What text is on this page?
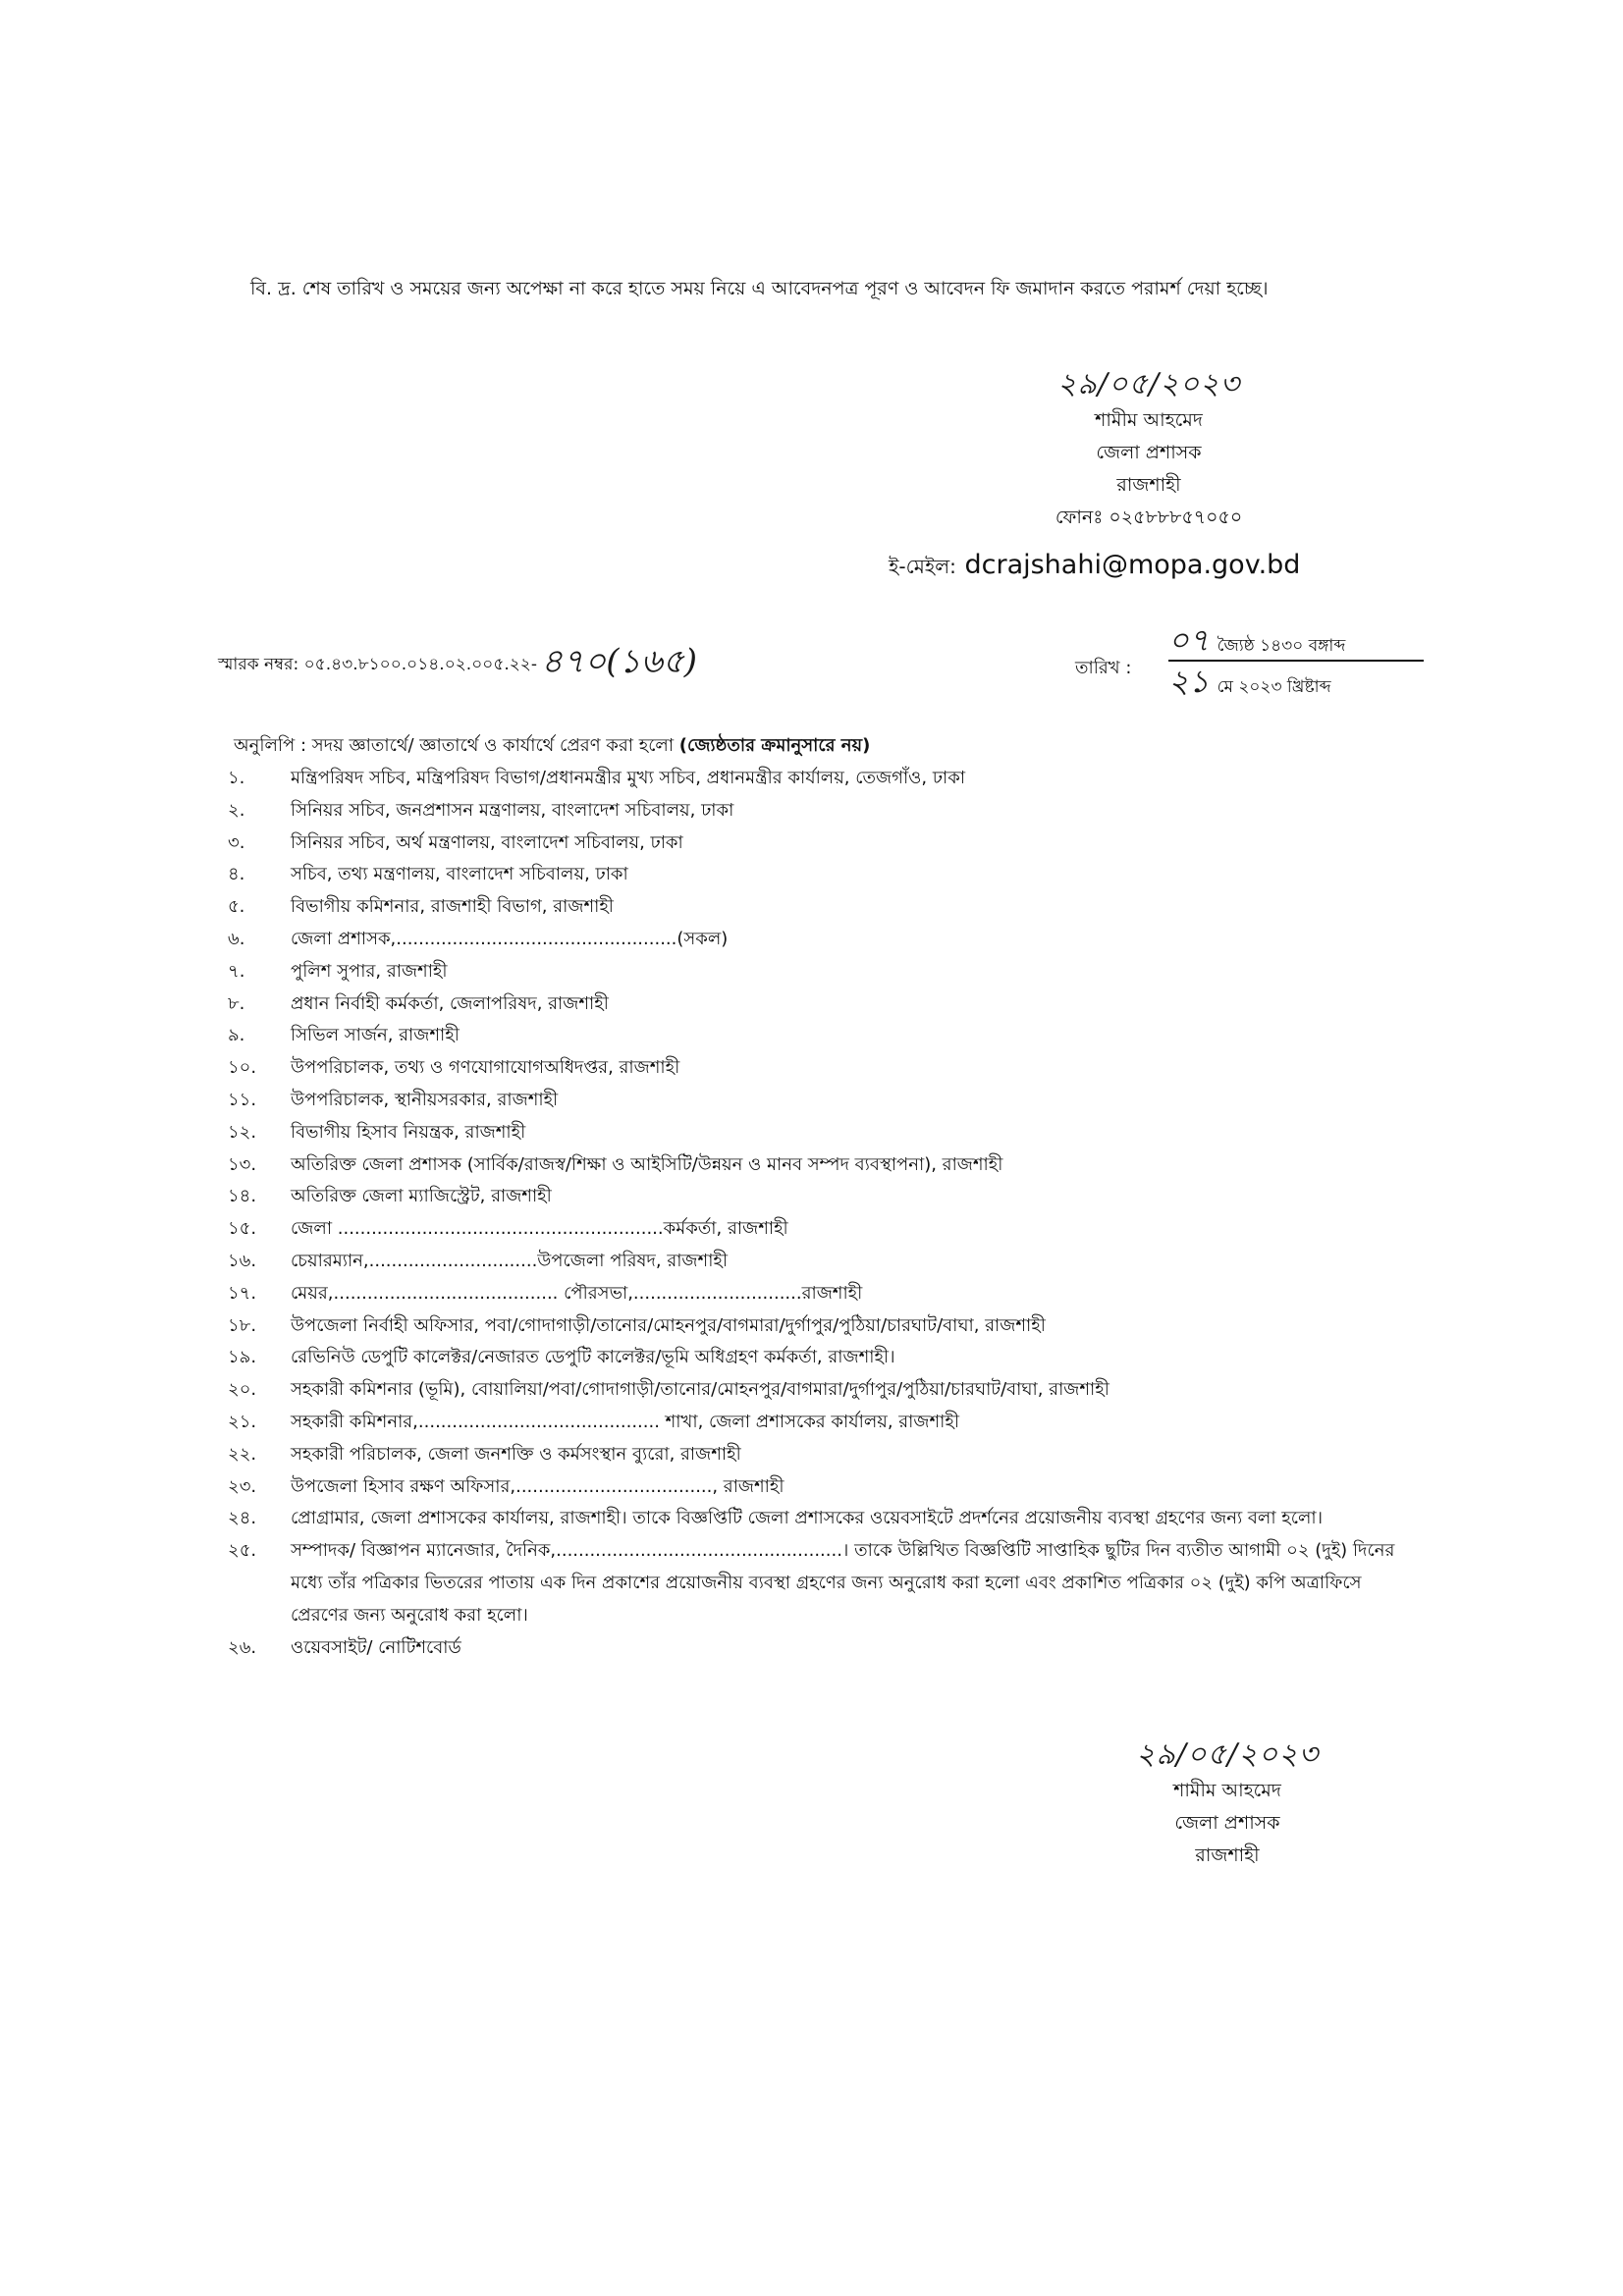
বি. দ্র. শেষ তারিখ ও সময়ের জন্য অপেক্ষা না করে হাতে সময় নিয়ে এ আবেদনপত্র পূরণ ও আবেদন ফি জমাদান করতে পরামর্শ দেয়া হচ্ছে।
২৯/০৫/২০২৩
শামীম আহমেদ
জেলা প্রশাসক
রাজশাহী
ফোনঃ ০২৫৮৮৮৫৭০৫০
ই-মেইল: dcrajshahi@mopa.gov.bd
স্মারক নম্বর: ০৫.৪৩.৮১০০.০১৪.০২.০০৫.২২- ৪৭০(১৬৫)	তারিখ :
০৭ জ্যৈষ্ঠ ১৪৩০ বঙ্গাব্দ
২১ মে ২০২৩ খ্রিষ্টাব্দ
অনুলিপি : সদয় জ্ঞাতার্থে/ জ্ঞাতার্থে ও কার্যার্থে প্রেরণ করা হলো (জ্যেষ্ঠতার ক্রমানুসারে নয়)
১.	মন্ত্রিপরিষদ সচিব, মন্ত্রিপরিষদ বিভাগ/প্রধানমন্ত্রীর মুখ্য সচিব, প্রধানমন্ত্রীর কার্যালয়, তেজগাঁও, ঢাকা
২.	সিনিয়র সচিব, জনপ্রশাসন মন্ত্রণালয়, বাংলাদেশ সচিবালয়, ঢাকা
৩.	সিনিয়র সচিব, অর্থ মন্ত্রণালয়, বাংলাদেশ সচিবালয়, ঢাকা
৪.	সচিব, তথ্য মন্ত্রণালয়, বাংলাদেশ সচিবালয়, ঢাকা
৫.	বিভাগীয় কমিশনার, রাজশাহী বিভাগ, রাজশাহী
৬.	জেলা প্রশাসক,..................................................(সকল)
৭.	পুলিশ সুপার, রাজশাহী
৮.	প্রধান নির্বাহী কর্মকর্তা, জেলাপরিষদ, রাজশাহী
৯.	সিভিল সার্জন, রাজশাহী
১০.	উপপরিচালক, তথ্য ও গণযোগাযোগঅধিদপ্তর, রাজশাহী
১১.	উপপরিচালক, স্থানীয়সরকার, রাজশাহী
১২.	বিভাগীয় হিসাব নিয়ন্ত্রক, রাজশাহী
১৩.	অতিরিক্ত জেলা প্রশাসক (সার্বিক/রাজস্ব/শিক্ষা ও আইসিটি/উন্নয়ন ও মানব সম্পদ ব্যবস্থাপনা), রাজশাহী
১৪.	অতিরিক্ত জেলা ম্যাজিস্ট্রেট, রাজশাহী
১৫.	জেলা ..........................................................কর্মকর্তা, রাজশাহী
১৬.	চেয়ারম্যান,..............................উপজেলা পরিষদ, রাজশাহী
১৭.	মেয়র,........................................ পৌরসভা,..............................রাজশাহী
১৮.	উপজেলা নির্বাহী অফিসার, পবা/গোদাগাড়ী/তানোর/মোহনপুর/বাগমারা/দুর্গাপুর/পুঠিয়া/চারঘাট/বাঘা, রাজশাহী
১৯.	রেভিনিউ ডেপুটি কালেক্টর/নেজারত ডেপুটি কালেক্টর/ভূমি অধিগ্রহণ কর্মকর্তা, রাজশাহী।
২০.	সহকারী কমিশনার (ভূমি), বোয়ালিয়া/পবা/গোদাগাড়ী/তানোর/মোহনপুর/বাগমারা/দুর্গাপুর/পুঠিয়া/চারঘাট/বাঘা, রাজশাহী
২১.	সহকারী কমিশনার,........................................... শাখা, জেলা প্রশাসকের কার্যালয়, রাজশাহী
২২.	সহকারী পরিচালক, জেলা জনশক্তি ও কর্মসংস্থান ব্যুরো, রাজশাহী
২৩.	উপজেলা হিসাব রক্ষণ অফিসার,..................................., রাজশাহী
২৪.	প্রোগ্রামার, জেলা প্রশাসকের কার্যালয়, রাজশাহী। তাকে বিজ্ঞপ্তিটি জেলা প্রশাসকের ওয়েবসাইটে প্রদর্শনের প্রয়োজনীয় ব্যবস্থা গ্রহণের জন্য বলা হলো।
২৫.	সম্পাদক/ বিজ্ঞাপন ম্যানেজার, দৈনিক,...................................................। তাকে উল্লিখিত বিজ্ঞপ্তিটি সাপ্তাহিক ছুটির দিন ব্যতীত আগামী ০২ (দুই) দিনের মধ্যে তাঁর পত্রিকার ভিতরের পাতায় এক দিন প্রকাশের প্রয়োজনীয় ব্যবস্থা গ্রহণের জন্য অনুরোধ করা হলো এবং প্রকাশিত পত্রিকার ০২ (দুই) কপি অত্রাফিসে প্রেরণের জন্য অনুরোধ করা হলো।
২৬.	ওয়েবসাইট/ নোটিশবোর্ড
২৯/০৫/২০২৩
শামীম আহমেদ
জেলা প্রশাসক
রাজশাহী
